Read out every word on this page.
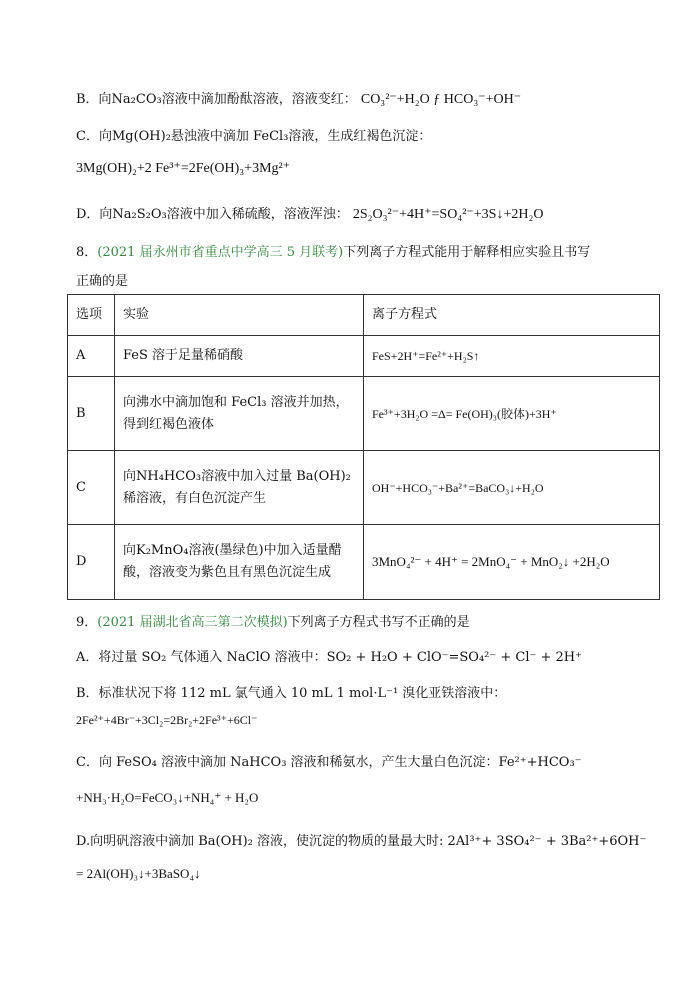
B．向Na₂CO₃溶液中滴加酚酞溶液，溶液变红： CO₃²⁻+H₂O ƒ HCO₃⁻+OH⁻
C．向Mg(OH)₂悬浊液中滴加 FeCl₃溶液，生成红褐色沉淀：
3Mg(OH)₂+2 Fe³⁺=2Fe(OH)₃+3Mg²⁺
D．向Na₂S₂O₃溶液中加入稀硫酸，溶液浑浊： 2S₂O₃²⁻+4H⁺=SO₄²⁻+3S↓+2H₂O
8．(2021 届永州市省重点中学高三 5 月联考)下列离子方程式能用于解释相应实验且书写
正确的是
选项	实验	离子方程式
A	FeS 溶于足量稀硝酸	FeS+2H⁺=Fe²⁺+H₂S↑
B	向沸水中滴加饱和 FeCl₃ 溶液并加热，得到红褐色液体	Fe³⁺+3H₂O =Δ= Fe(OH)₃(胶体)+3H⁺
C	向NH₄HCO₃溶液中加入过量 Ba(OH)₂ 稀溶液，有白色沉淀产生	OH⁻+HCO₃⁻+Ba²⁺=BaCO₃↓+H₂O
D	向K₂MnO₄溶液(墨绿色)中加入适量醋酸，溶液变为紫色且有黑色沉淀生成	3MnO₄²⁻ + 4H⁺ = 2MnO₄⁻ + MnO₂↓ +2H₂O
9．(2021 届湖北省高三第二次模拟)下列离子方程式书写不正确的是
A．将过量 SO₂ 气体通入 NaClO 溶液中：SO₂ + H₂O + ClO⁻=SO₄²⁻ + Cl⁻ + 2H⁺
B．标准状况下将 112 mL 氯气通入 10 mL 1 mol·L⁻¹ 溴化亚铁溶液中：
2Fe²⁺+4Br⁻+3Cl₂=2Br₂+2Fe³⁺+6Cl⁻
C．向 FeSO₄ 溶液中滴加 NaHCO₃ 溶液和稀氨水，产生大量白色沉淀：Fe²⁺+HCO₃⁻
+NH₃·H₂O=FeCO₃↓+NH₄⁺ + H₂O
D.向明矾溶液中滴加 Ba(OH)₂ 溶液，使沉淀的物质的量最大时: 2Al³⁺+ 3SO₄²⁻ + 3Ba²⁺+6OH⁻
= 2Al(OH)₃↓+3BaSO₄↓
